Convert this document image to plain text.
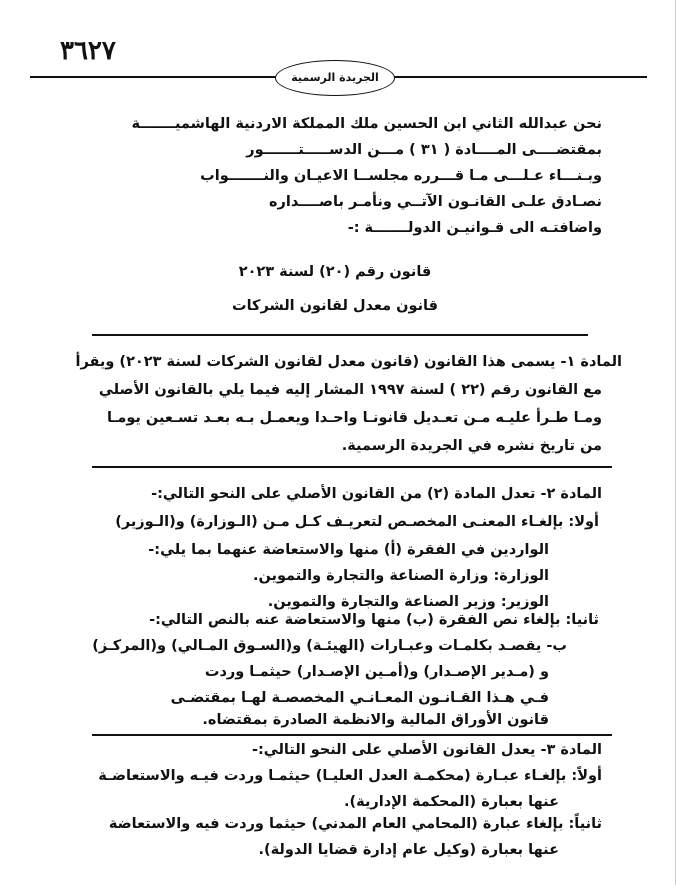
٣٦٢٧
الجريدة الرسمية
نحن عبدالله الثاني ابن الحسين ملك المملكة الاردنية الهاشميـــــــة
بمقتضــــى المــــادة ( ٣١ ) مـــن الدســـــتـــــــور
وبـنـــاء عـلـــى مـا قـــرره مجلســا الاعيـان والنـــــــواب
نصـادق علـى القانـون الآتــي ونأمـر باصــــداره
واضافتـه الى قـوانيـن الدولـــــــة :-
قانون رقم (٢٠) لسنة ٢٠٢٣
قانون معدل لقانون الشركات
المادة ١- يسمى هذا القانون (قانون معدل لقانون الشركات لسنة ٢٠٢٣) ويقرأ
مع القانون رقم (٢٢ ) لسنة ١٩٩٧ المشار إليه فيما يلي بالقانون الأصلي
ومـا طـرأ عليـه مـن تعـديل قانونـا واحـدا ويعمـل بـه بعـد تسـعين يومـا
من تاريخ نشره في الجريدة الرسمية.
المادة ٢- تعدل المادة (٢) من القانون الأصلي على النحو التالي:-
أولا: بإلغـاء المعنـى المخصـص لتعريـف كـل مـن (الـوزارة) و(الـوزير)
الواردين في الفقرة (أ) منها والاستعاضة عنهما بما يلي:-
الوزارة: وزارة الصناعة والتجارة والتموين.
الوزير: وزير الصناعة والتجارة والتموين.
ثانيا: بإلغاء نص الفقرة (ب) منها والاستعاضة عنه بالنص التالي:-
ب- يقصـد بكلمـات وعبـارات (الهيئـة) و(السـوق المـالي) و(المركـز)
و (مـدير الإصـدار) و(أمـين الإصـدار) حيثمـا وردت
فـي هـذا القـانـون المعـانـي المخصصـة لهـا بمقتضـى
قانون الأوراق المالية والانظمة الصادرة بمقتضاه.
المادة ٣- يعدل القانون الأصلي على النحو التالي:-
أولاً: بإلغـاء عبـارة (محكمـة العدل العليـا) حيثمـا وردت فيـه والاستعاضـة
عنها بعبارة (المحكمة الإدارية).
ثانياً: بإلغاء عبارة (المحامي العام المدني) حيثما وردت فيه والاستعاضة
عنها بعبارة (وكيل عام إدارة قضايا الدولة).
